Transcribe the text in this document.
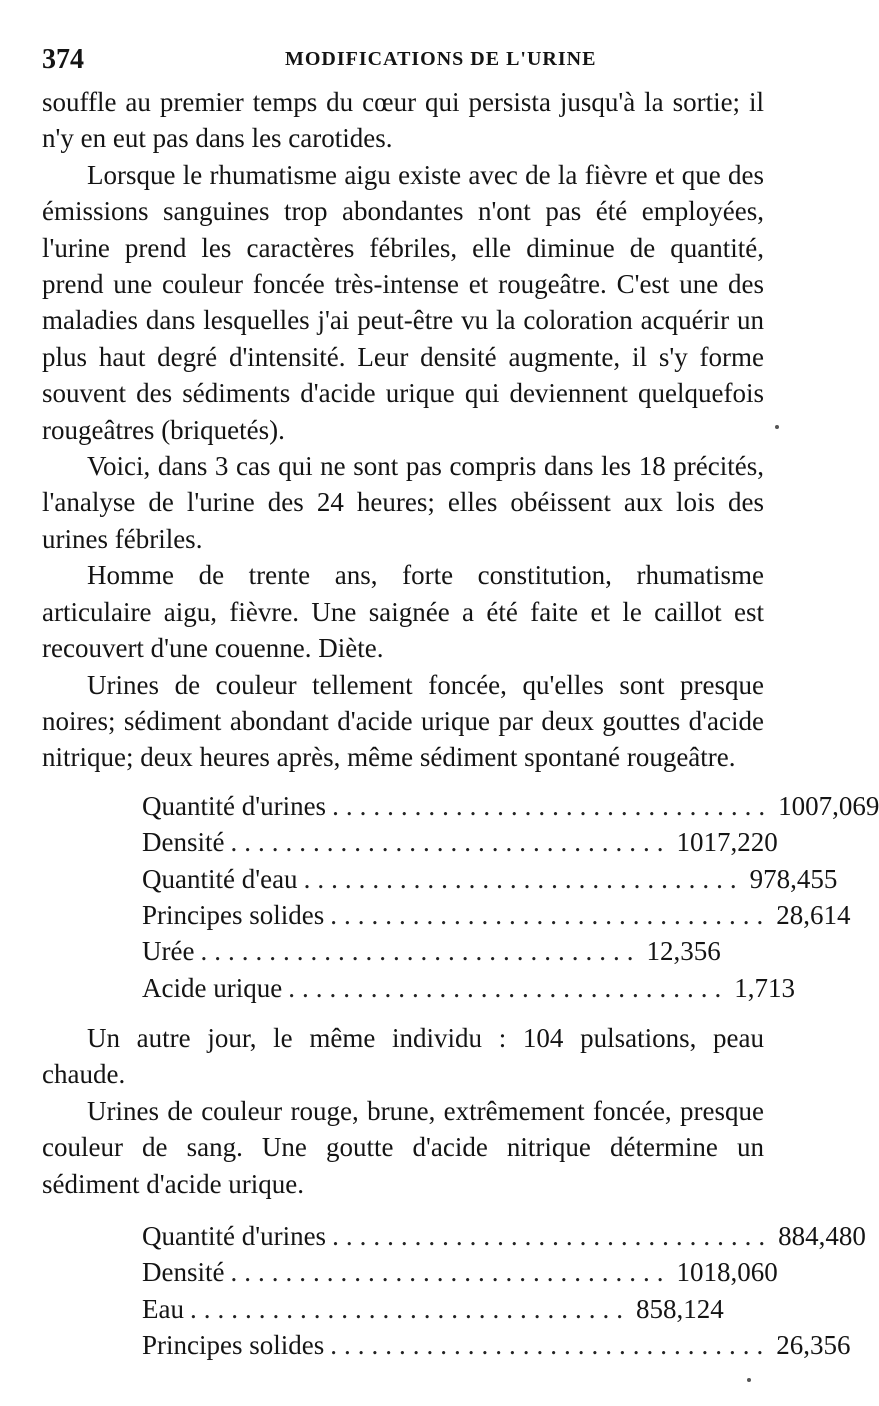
374	MODIFICATIONS DE L'URINE

souffle au premier temps du cœur qui persista jusqu'à la sortie; il n'y en eut pas dans les carotides.

Lorsque le rhumatisme aigu existe avec de la fièvre et que des émissions sanguines trop abondantes n'ont pas été employées, l'urine prend les caractères fébriles, elle diminue de quantité, prend une couleur foncée très-intense et rougeâtre. C'est une des maladies dans lesquelles j'ai peut-être vu la coloration acquérir un plus haut degré d'intensité. Leur densité augmente, il s'y forme souvent des sédiments d'acide urique qui deviennent quelquefois rougeâtres (briquetés).

Voici, dans 3 cas qui ne sont pas compris dans les 18 précités, l'analyse de l'urine des 24 heures; elles obéissent aux lois des urines fébriles.

Homme de trente ans, forte constitution, rhumatisme articulaire aigu, fièvre. Une saignée a été faite et le caillot est recouvert d'une couenne. Diète.

Urines de couleur tellement foncée, qu'elles sont presque noires; sédiment abondant d'acide urique par deux gouttes d'acide nitrique; deux heures après, même sédiment spontané rougeâtre.

Quantité d'urines ................................ 1007,069
Densité ................................ 1017,220
Quantité d'eau ................................ 978,455
Principes solides ................................ 28,614
Urée ................................ 12,356
Acide urique ................................ 1,713

Un autre jour, le même individu : 104 pulsations, peau chaude.

Urines de couleur rouge, brune, extrêmement foncée, presque couleur de sang. Une goutte d'acide nitrique détermine un sédiment d'acide urique.

Quantité d'urines ................................ 884,480
Densité ................................ 1018,060
Eau ................................ 858,124
Principes solides ................................ 26,356
